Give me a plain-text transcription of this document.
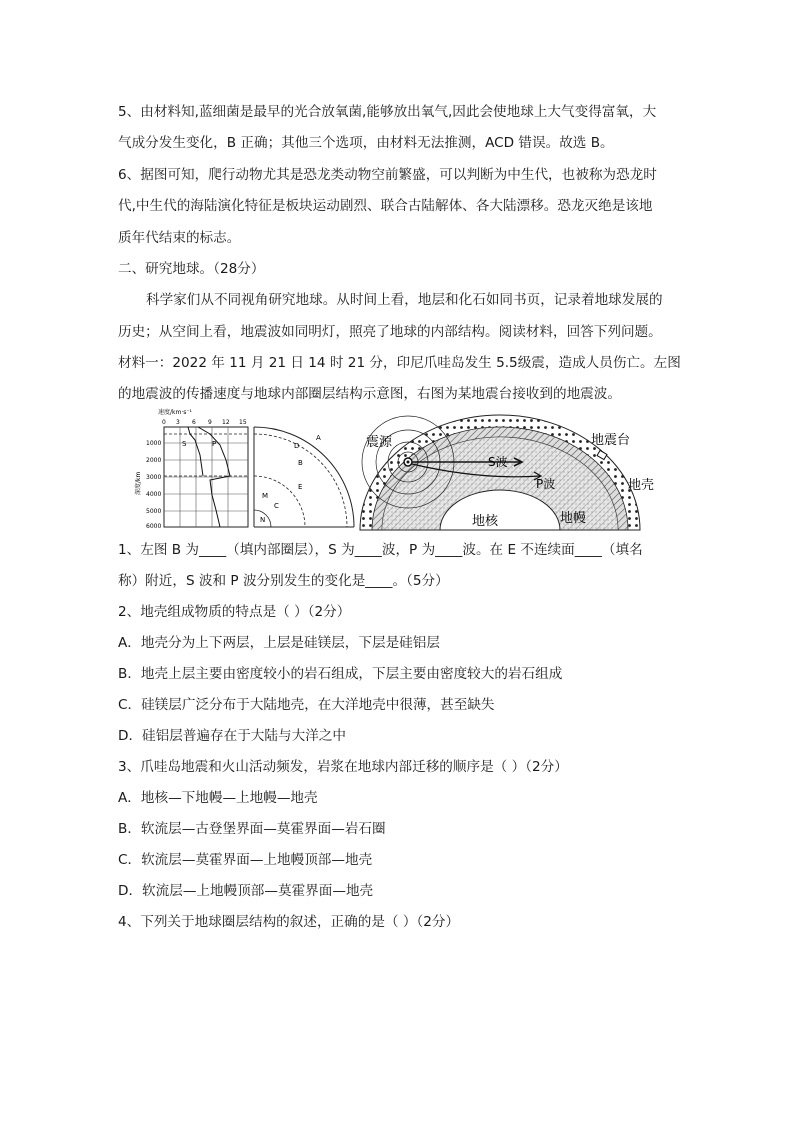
5、由材料知,蓝细菌是最早的光合放氧菌,能够放出氧气,因此会使地球上大气变得富氧，大
气成分发生变化，B 正确；其他三个选项，由材料无法推测，ACD 错误。故选 B。
6、据图可知，爬行动物尤其是恐龙类动物空前繁盛，可以判断为中生代，也被称为恐龙时
代,中生代的海陆演化特征是板块运动剧烈、联合古陆解体、各大陆漂移。恐龙灭绝是该地
质年代结束的标志。
二、研究地球。（28分）
科学家们从不同视角研究地球。从时间上看，地层和化石如同书页，记录着地球发展的
历史；从空间上看，地震波如同明灯，照亮了地球的内部结构。阅读材料，回答下列问题。
材料一：2022 年 11 月 21 日 14 时 21 分，印尼爪哇岛发生 5.5级震，造成人员伤亡。左图
的地震波的传播速度与地球内部圈层结构示意图，右图为某地震台接收到的地震波。
速度/km·s⁻¹
0 3 6 9 12 15
1000
2000
3000
4000
5000
6000
深度/km
S	P
A
B
D
E
M
C
N
震源	地震台
S波
P波	地壳
地幔
地核
1、左图 B 为____（填内部圈层），S 为____波，P 为____波。在 E 不连续面____（填名
称）附近，S 波和 P 波分别发生的变化是____。（5分）
2、地壳组成物质的特点是（ ）（2分）
A．地壳分为上下两层，上层是硅镁层，下层是硅铝层
B．地壳上层主要由密度较小的岩石组成，下层主要由密度较大的岩石组成
C．硅镁层广泛分布于大陆地壳，在大洋地壳中很薄，甚至缺失
D．硅铝层普遍存在于大陆与大洋之中
3、爪哇岛地震和火山活动频发，岩浆在地球内部迁移的顺序是（ ）（2分）
A．地核—下地幔—上地幔—地壳
B．软流层—古登堡界面—莫霍界面—岩石圈
C．软流层—莫霍界面—上地幔顶部—地壳
D．软流层—上地幔顶部—莫霍界面—地壳
4、下列关于地球圈层结构的叙述，正确的是（ ）（2分）
